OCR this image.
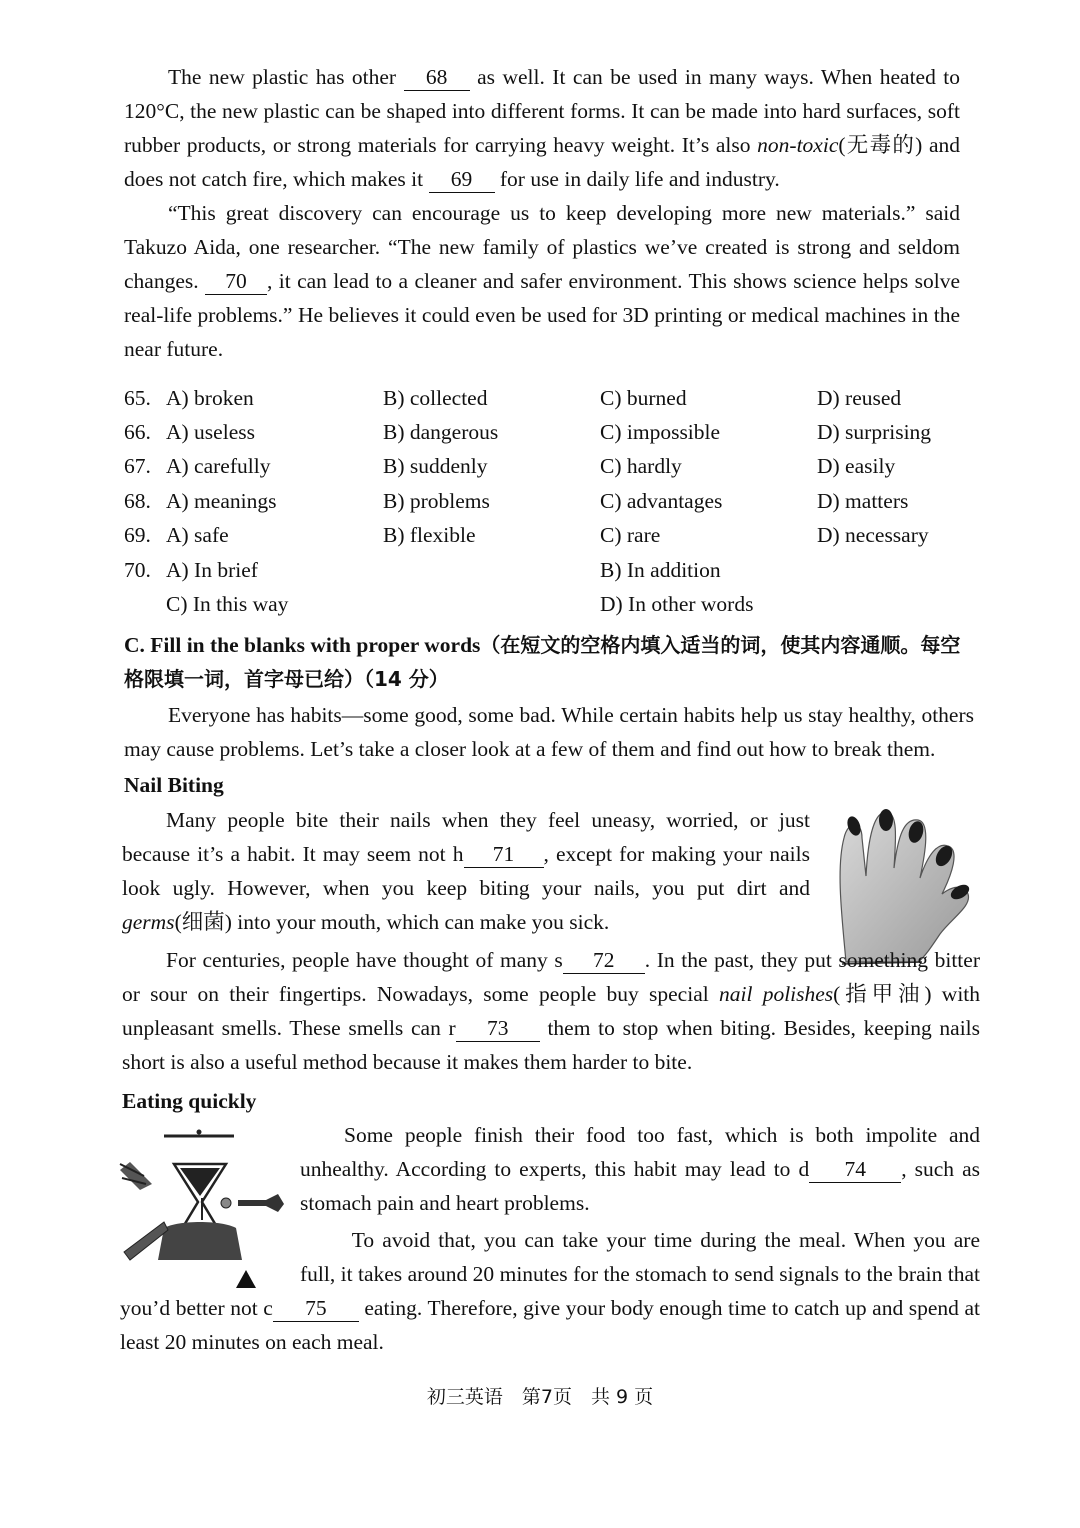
The new plastic has other 68 as well. It can be used in many ways. When heated to 120°C, the new plastic can be shaped into different forms. It can be made into hard surfaces, soft rubber products, or strong materials for carrying heavy weight. It’s also non-toxic(无毒的) and does not catch fire, which makes it 69 for use in daily life and industry.

“This great discovery can encourage us to keep developing more new materials.” said Takuzo Aida, one researcher. “The new family of plastics we’ve created is strong and seldom changes. 70 , it can lead to a cleaner and safer environment. This shows science helps solve real-life problems.” He believes it could even be used for 3D printing or medical machines in the near future.

65. A) broken	B) collected	C) burned	D) reused
66. A) useless	B) dangerous	C) impossible	D) surprising
67. A) carefully	B) suddenly	C) hardly	D) easily
68. A) meanings	B) problems	C) advantages	D) matters
69. A) safe	B) flexible	C) rare	D) necessary
70. A) In brief	B) In addition
C) In this way	D) In other words

C. Fill in the blanks with proper words（在短文的空格内填入适当的词，使其内容通顺。每空格限填一词，首字母已给）（14 分）

Everyone has habits—some good, some bad. While certain habits help us stay healthy, others may cause problems. Let’s take a closer look at a few of them and find out how to break them.

Nail Biting

Many people bite their nails when they feel uneasy, worried, or just because it’s a habit. It may seem not h 71 , except for making your nails look ugly. However, when you keep biting your nails, you put dirt and germs(细菌) into your mouth, which can make you sick.

For centuries, people have thought of many s 72 . In the past, they put something bitter or sour on their fingertips. Nowadays, some people buy special nail polishes(指甲油) with unpleasant smells. These smells can r 73 them to stop when biting. Besides, keeping nails short is also a useful method because it makes them harder to bite.

Eating quickly

Some people finish their food too fast, which is both impolite and unhealthy. According to experts, this habit may lead to d 74 , such as stomach pain and heart problems.

To avoid that, you can take your time during the meal. When you are full, it takes around 20 minutes for the stomach to send signals to the brain that you’d better not c 75 eating. Therefore, give your body enough time to catch up and spend at least 20 minutes on each meal.

初三英语　第7页　共 9 页
